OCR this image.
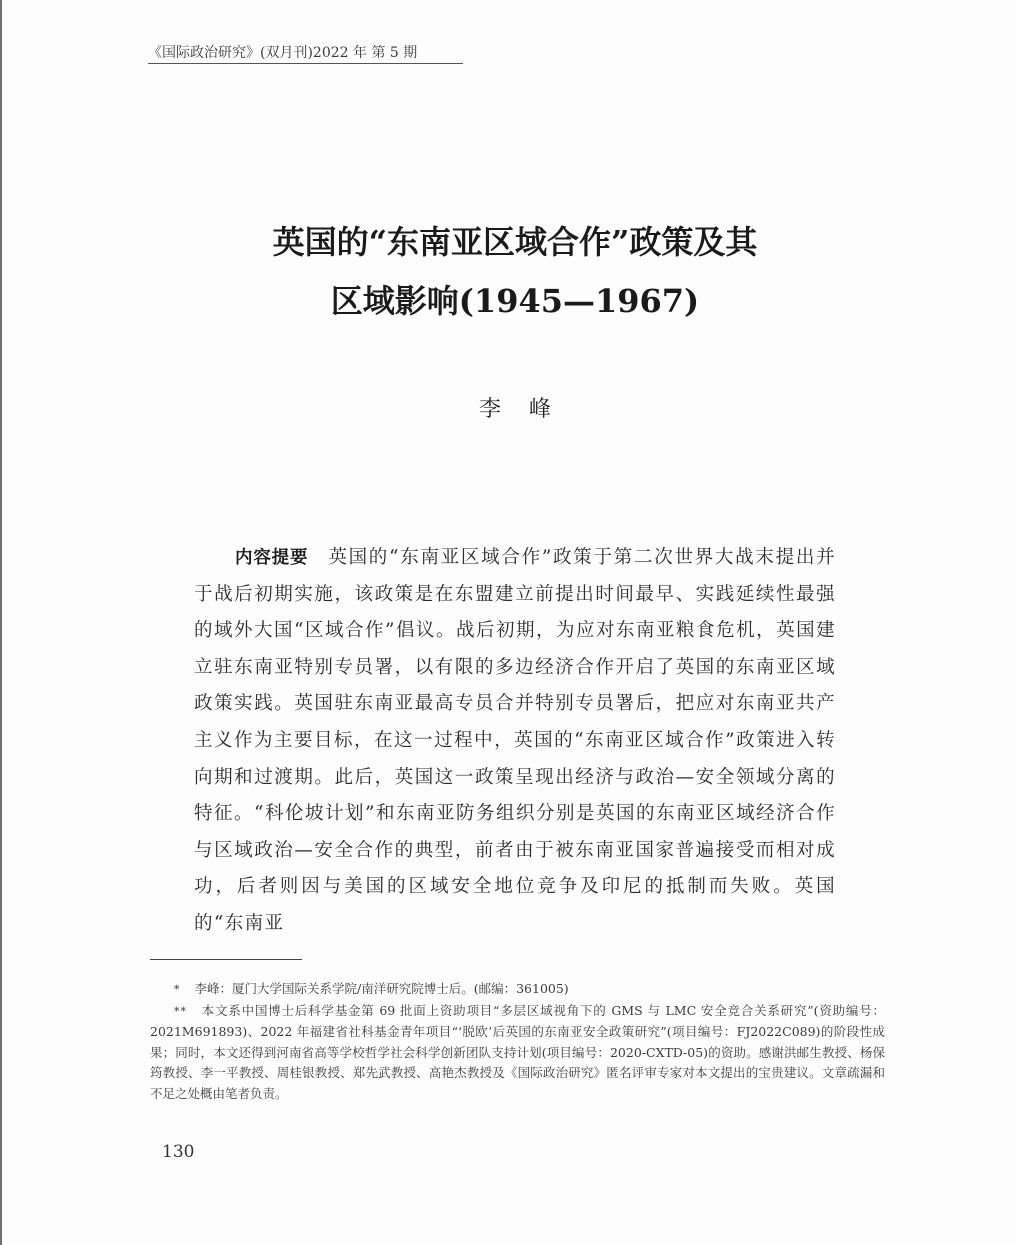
《国际政治研究》(双月刊)2022 年 第 5 期
英国的“东南亚区域合作”政策及其
区域影响(1945—1967)
李峰
内容提要 英国的“东南亚区域合作”政策于第二次世界大战末提出并于战后初期实施，该政策是在东盟建立前提出时间最早、实践延续性最强的域外大国“区域合作”倡议。战后初期，为应对东南亚粮食危机，英国建立驻东南亚特别专员署，以有限的多边经济合作开启了英国的东南亚区域政策实践。英国驻东南亚最高专员合并特别专员署后，把应对东南亚共产主义作为主要目标，在这一过程中，英国的“东南亚区域合作”政策进入转向期和过渡期。此后，英国这一政策呈现出经济与政治—安全领域分离的特征。“科伦坡计划”和东南亚防务组织分别是英国的东南亚区域经济合作与区域政治—安全合作的典型，前者由于被东南亚国家普遍接受而相对成功，后者则因与美国的区域安全地位竞争及印尼的抵制而失败。英国的“东南亚

* 李峰：厦门大学国际关系学院/南洋研究院博士后。(邮编：361005)

** 本文系中国博士后科学基金第 69 批面上资助项目“多层区域视角下的 GMS 与 LMC 安全竞合关系研究”(资助编号：2021M691893)、2022 年福建省社科基金青年项目“‘脱欧’后英国的东南亚安全政策研究”(项目编号：FJ2022C089)的阶段性成果；同时，本文还得到河南省高等学校哲学社会科学创新团队支持计划(项目编号：2020-CXTD-05)的资助。感谢洪邮生教授、杨保筠教授、李一平教授、周桂银教授、郑先武教授、高艳杰教授及《国际政治研究》匿名评审专家对本文提出的宝贵建议。文章疏漏和不足之处概由笔者负责。

130
